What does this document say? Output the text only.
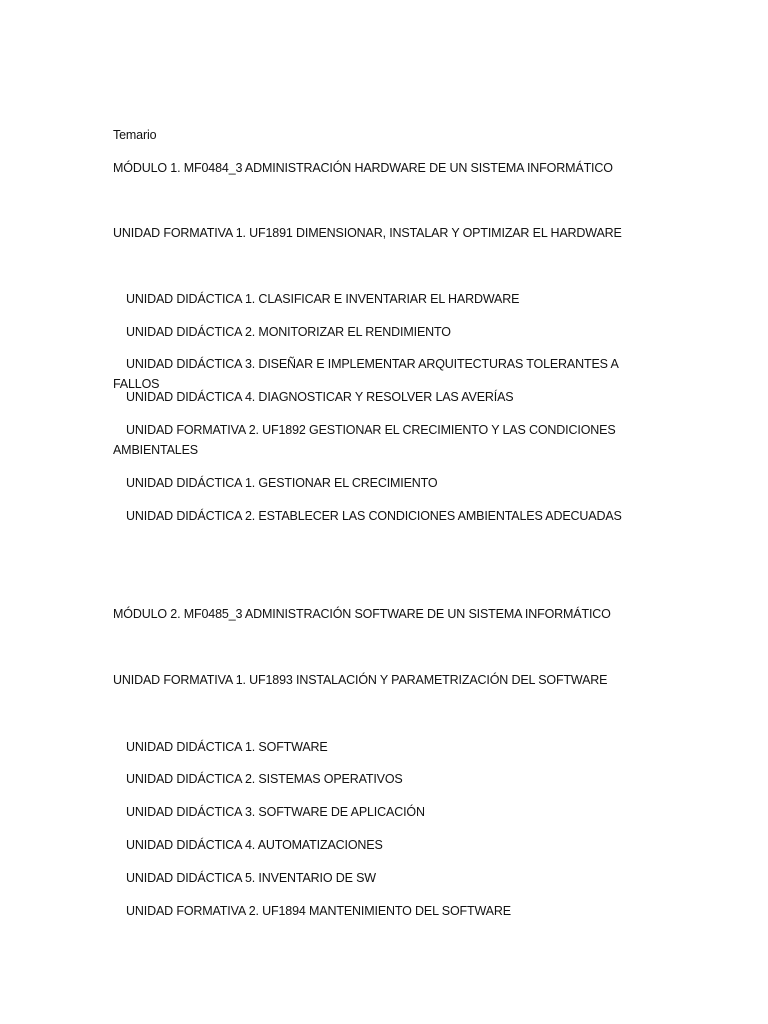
Temario
MÓDULO 1. MF0484_3 ADMINISTRACIÓN HARDWARE DE UN SISTEMA INFORMÁTICO
UNIDAD FORMATIVA 1. UF1891 DIMENSIONAR, INSTALAR Y OPTIMIZAR EL HARDWARE
UNIDAD DIDÁCTICA 1. CLASIFICAR E INVENTARIAR EL HARDWARE
UNIDAD DIDÁCTICA 2. MONITORIZAR EL RENDIMIENTO
UNIDAD DIDÁCTICA 3. DISEÑAR E IMPLEMENTAR ARQUITECTURAS TOLERANTES A FALLOS
UNIDAD DIDÁCTICA 4. DIAGNOSTICAR Y RESOLVER LAS AVERÍAS
UNIDAD FORMATIVA 2. UF1892 GESTIONAR EL CRECIMIENTO Y LAS CONDICIONES AMBIENTALES
UNIDAD DIDÁCTICA 1. GESTIONAR EL CRECIMIENTO
UNIDAD DIDÁCTICA 2. ESTABLECER LAS CONDICIONES AMBIENTALES ADECUADAS
MÓDULO 2. MF0485_3 ADMINISTRACIÓN SOFTWARE DE UN SISTEMA INFORMÁTICO
UNIDAD FORMATIVA 1. UF1893 INSTALACIÓN Y PARAMETRIZACIÓN DEL SOFTWARE
UNIDAD DIDÁCTICA 1. SOFTWARE
UNIDAD DIDÁCTICA 2. SISTEMAS OPERATIVOS
UNIDAD DIDÁCTICA 3. SOFTWARE DE APLICACIÓN
UNIDAD DIDÁCTICA 4. AUTOMATIZACIONES
UNIDAD DIDÁCTICA 5. INVENTARIO DE SW
UNIDAD FORMATIVA 2. UF1894 MANTENIMIENTO DEL SOFTWARE
